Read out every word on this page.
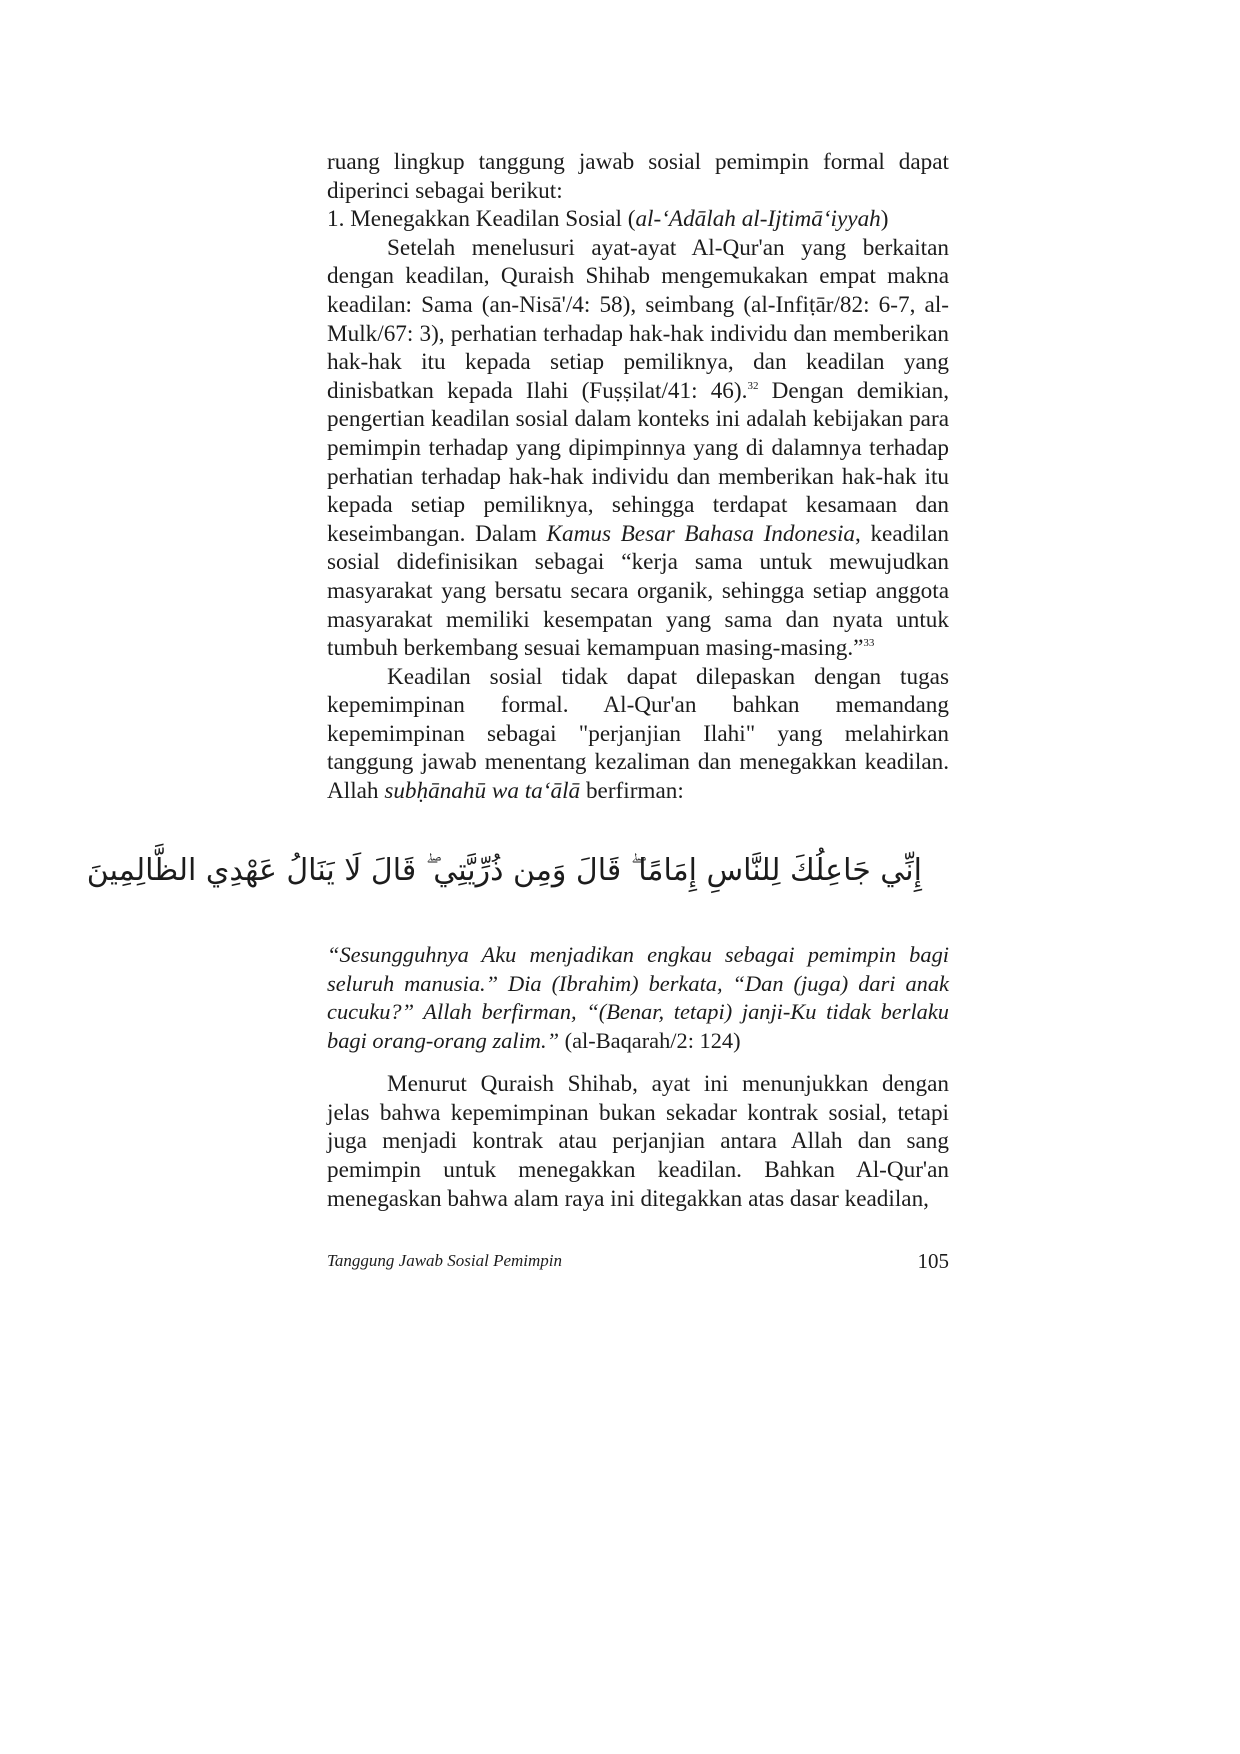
ruang lingkup tanggung jawab sosial pemimpin formal dapat diperinci sebagai berikut:

1. Menegakkan Keadilan Sosial (al-‘Adālah al-Ijtimā‘iyyah)

Setelah menelusuri ayat-ayat Al-Qur'an yang berkaitan dengan keadilan, Quraish Shihab mengemukakan empat makna keadilan: Sama (an-Nisā'/4: 58), seimbang (al-Infiṭār/82: 6-7, al-Mulk/67: 3), perhatian terhadap hak-hak individu dan memberikan hak-hak itu kepada setiap pemiliknya, dan keadilan yang dinisbatkan kepada Ilahi (Fuṣṣilat/41: 46).$^{32}$ Dengan demikian, pengertian keadilan sosial dalam konteks ini adalah kebijakan para pemimpin terhadap yang dipimpinnya yang di dalamnya terhadap perhatian terhadap hak-hak individu dan memberikan hak-hak itu kepada setiap pemiliknya, sehingga terdapat kesamaan dan keseimbangan. Dalam Kamus Besar Bahasa Indonesia, keadilan sosial didefinisikan sebagai “kerja sama untuk mewujudkan masyarakat yang bersatu secara organik, sehingga setiap anggota masyarakat memiliki kesempatan yang sama dan nyata untuk tumbuh berkembang sesuai kemampuan masing-masing.”$^{33}$

Keadilan sosial tidak dapat dilepaskan dengan tugas kepemimpinan formal. Al-Qur'an bahkan memandang kepemimpinan sebagai "perjanjian Ilahi" yang melahirkan tanggung jawab menentang kezaliman dan menegakkan keadilan. Allah subḥānahū wa ta‘ālā berfirman:

إِنِّي جَاعِلُكَ لِلنَّاسِ إِمَامًا ۖ قَالَ وَمِن ذُرِّيَّتِي ۖ قَالَ لَا يَنَالُ عَهْدِي الظَّالِمِينَ

“Sesungguhnya Aku menjadikan engkau sebagai pemimpin bagi seluruh manusia.” Dia (Ibrahim) berkata, “Dan (juga) dari anak cucuku?” Allah berfirman, “(Benar, tetapi) janji-Ku tidak berlaku bagi orang-orang zalim.” (al-Baqarah/2: 124)

Menurut Quraish Shihab, ayat ini menunjukkan dengan jelas bahwa kepemimpinan bukan sekadar kontrak sosial, tetapi juga menjadi kontrak atau perjanjian antara Allah dan sang pemimpin untuk menegakkan keadilan. Bahkan Al-Qur'an menegaskan bahwa alam raya ini ditegakkan atas dasar keadilan,

Tanggung Jawab Sosial Pemimpin	105
